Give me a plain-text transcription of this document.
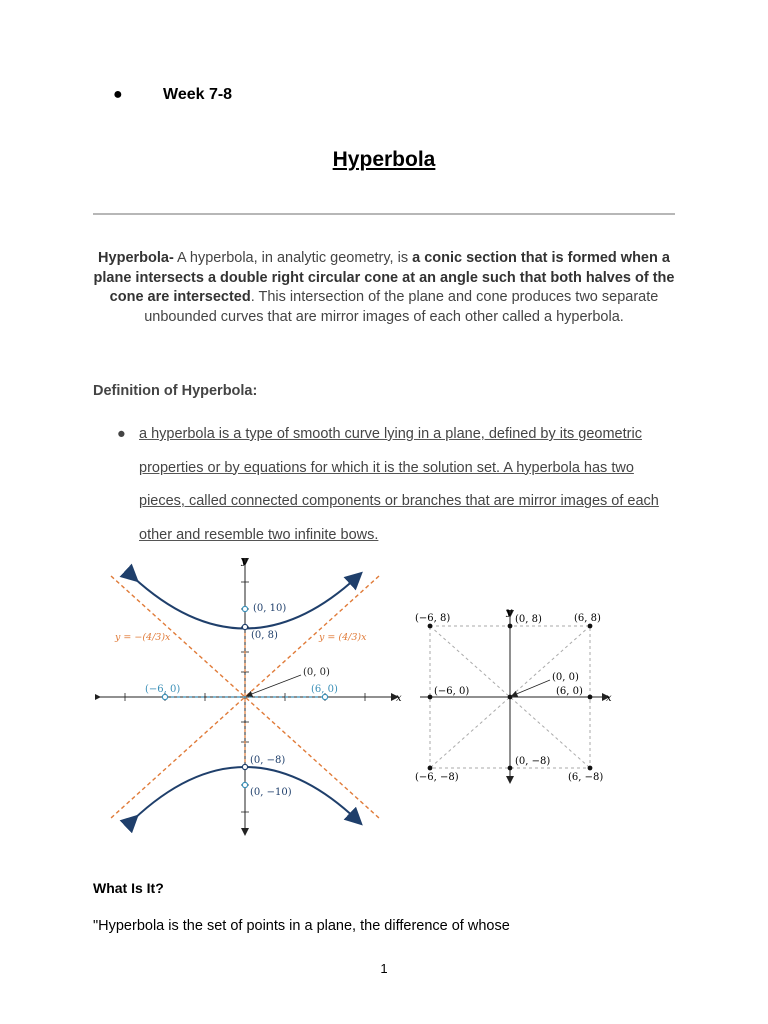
●	Week 7-8
Hyperbola
Hyperbola- A hyperbola, in analytic geometry, is a conic section that is formed when a plane intersects a double right circular cone at an angle such that both halves of the cone are intersected. This intersection of the plane and cone produces two separate unbounded curves that are mirror images of each other called a hyperbola.
Definition of Hyperbola:
● a hyperbola is a type of smooth curve lying in a plane, defined by its geometric properties or by equations for which it is the solution set. A hyperbola has two pieces, called connected components or branches that are mirror images of each other and resemble two infinite bows.
x
y
(0, 10)
(0, 8)
(0, 0)
(−6, 0)	(6, 0)
(0, −8)
(0, −10)
y = −(4/3)x	y = (4/3)x
x
y
(−6, 8)	(0, 8)	(6, 8)
(0, 0)
(−6, 0)	(6, 0)
(0, −8)
(−6, −8)	(6, −8)
What Is It?
"Hyperbola is the set of points in a plane, the difference of whose
1
